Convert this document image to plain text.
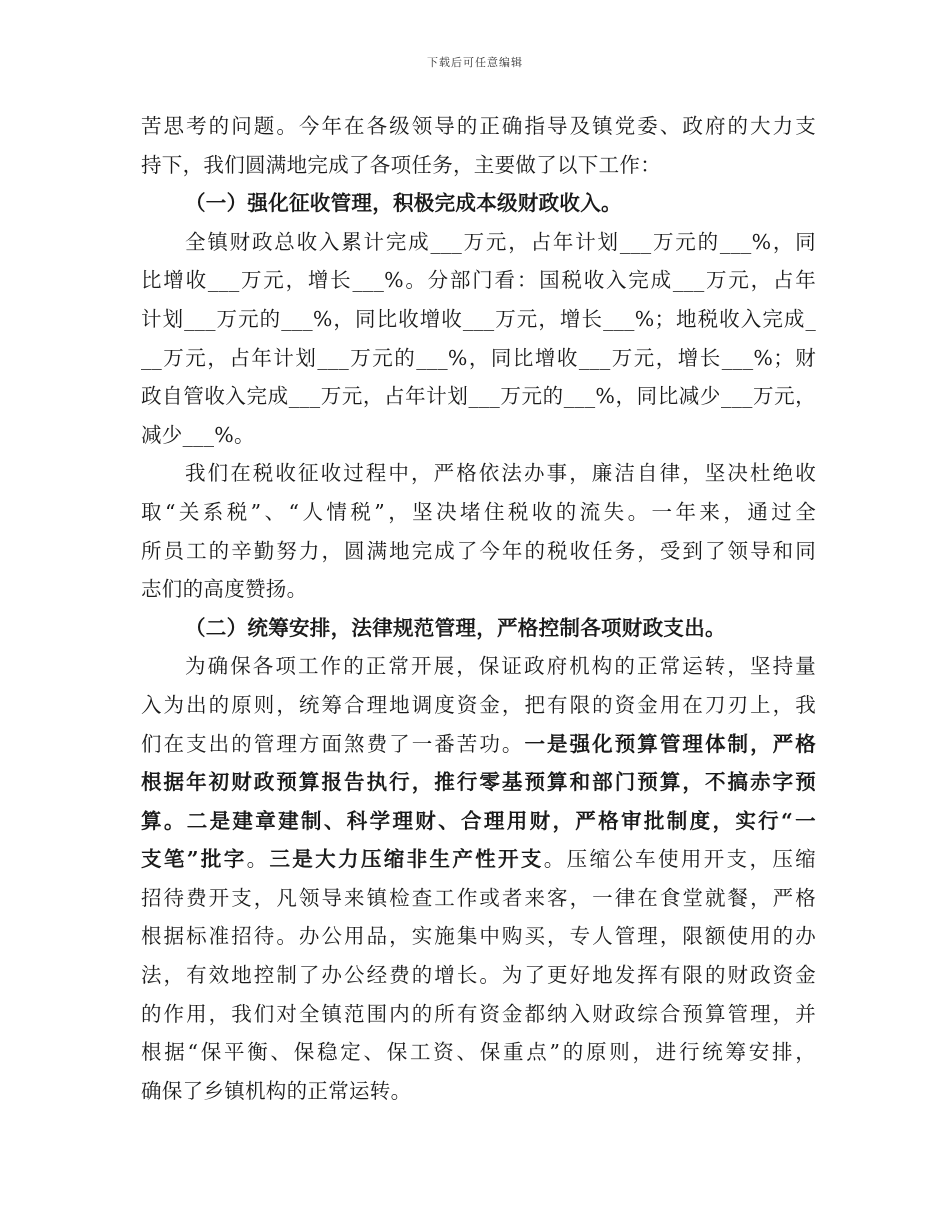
下载后可任意编辑
苦思考的问题。今年在各级领导的正确指导及镇党委、政府的大力支
持下，我们圆满地完成了各项任务，主要做了以下工作：
（一）强化征收管理，积极完成本级财政收入。
全镇财政总收入累计完成___万元，占年计划___万元的___%，同
比增收___万元，增长___%。分部门看：国税收入完成___万元，占年
计划___万元的___%，同比收增收___万元，增长___%；地税收入完成_
__万元，占年计划___万元的___%，同比增收___万元，增长___%；财
政自管收入完成___万元，占年计划___万元的___%，同比减少___万元，
减少___%。
我们在税收征收过程中，严格依法办事，廉洁自律，坚决杜绝收
取“关系税”、“人情税”，坚决堵住税收的流失。一年来，通过全
所员工的辛勤努力，圆满地完成了今年的税收任务，受到了领导和同
志们的高度赞扬。
（二）统筹安排，法律规范管理，严格控制各项财政支出。
为确保各项工作的正常开展，保证政府机构的正常运转，坚持量
入为出的原则，统筹合理地调度资金，把有限的资金用在刀刃上，我
们在支出的管理方面煞费了一番苦功。一是强化预算管理体制，严格
根据年初财政预算报告执行，推行零基预算和部门预算，不搞赤字预
算。二是建章建制、科学理财、合理用财，严格审批制度，实行“一
支笔”批字。三是大力压缩非生产性开支。压缩公车使用开支，压缩
招待费开支，凡领导来镇检查工作或者来客，一律在食堂就餐，严格
根据标准招待。办公用品，实施集中购买，专人管理，限额使用的办
法，有效地控制了办公经费的增长。为了更好地发挥有限的财政资金
的作用，我们对全镇范围内的所有资金都纳入财政综合预算管理，并
根据“保平衡、保稳定、保工资、保重点”的原则，进行统筹安排，
确保了乡镇机构的正常运转。
